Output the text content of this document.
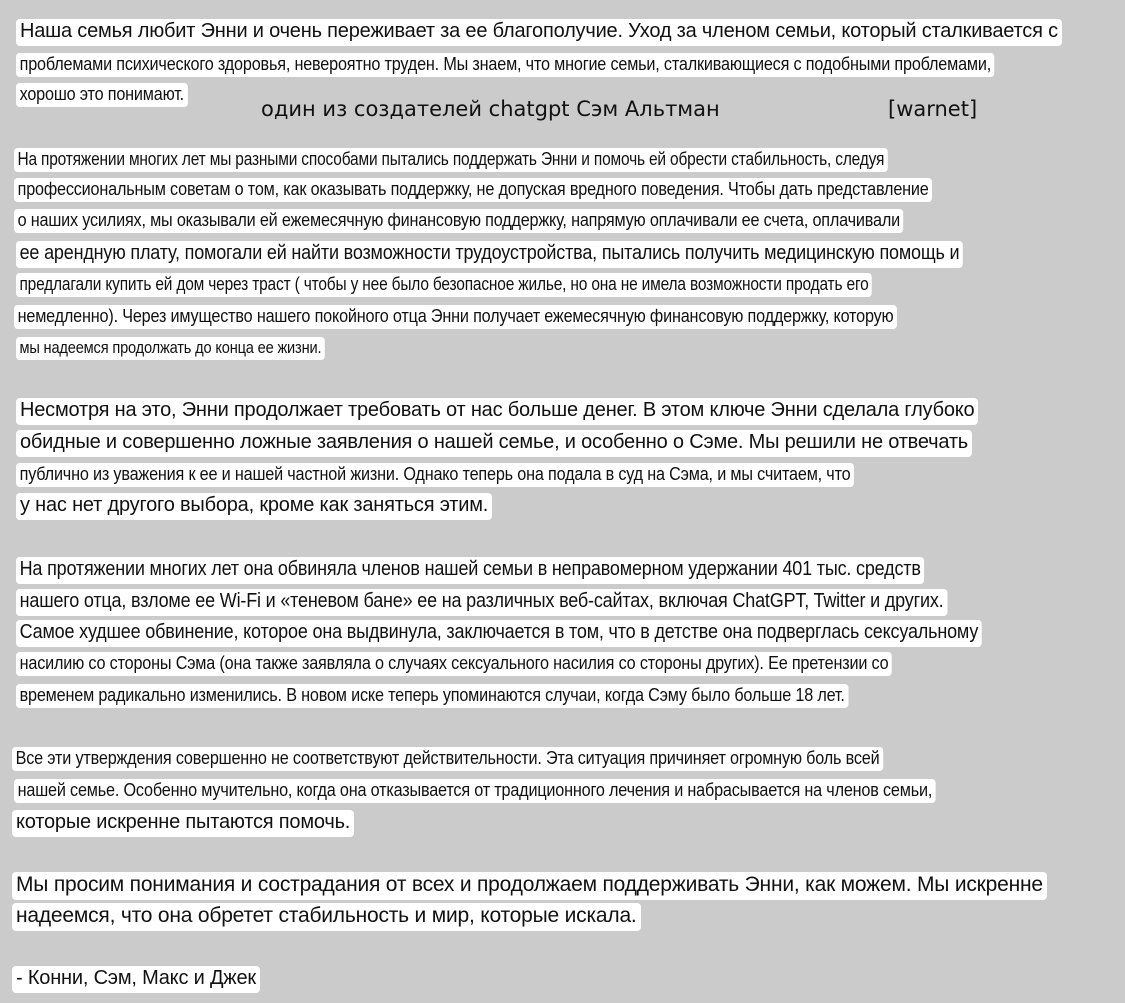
Наша семья любит Энни и очень переживает за ее благополучие. Уход за членом семьи, который сталкивается с
проблемами психического здоровья, невероятно труден. Мы знаем, что многие семьи, сталкивающиеся с подобными проблемами,
хорошо это понимают.
один из создателей chatgpt Сэм Альтман	[warnet]
На протяжении многих лет мы разными способами пытались поддержать Энни и помочь ей обрести стабильность, следуя
профессиональным советам о том, как оказывать поддержку, не допуская вредного поведения. Чтобы дать представление
о наших усилиях, мы оказывали ей ежемесячную финансовую поддержку, напрямую оплачивали ее счета, оплачивали
ее арендную плату, помогали ей найти возможности трудоустройства, пытались получить медицинскую помощь и
предлагали купить ей дом через траст ( чтобы у нее было безопасное жилье, но она не имела возможности продать его
немедленно). Через имущество нашего покойного отца Энни получает ежемесячную финансовую поддержку, которую
мы надеемся продолжать до конца ее жизни.
Несмотря на это, Энни продолжает требовать от нас больше денег. В этом ключе Энни сделала глубоко
обидные и совершенно ложные заявления о нашей семье, и особенно о Сэме. Мы решили не отвечать
публично из уважения к ее и нашей частной жизни. Однако теперь она подала в суд на Сэма, и мы считаем, что
у нас нет другого выбора, кроме как заняться этим.
На протяжении многих лет она обвиняла членов нашей семьи в неправомерном удержании 401 тыс. средств
нашего отца, взломе ее Wi-Fi и «теневом бане» ее на различных веб-сайтах, включая ChatGPT, Twitter и других.
Самое худшее обвинение, которое она выдвинула, заключается в том, что в детстве она подверглась сексуальному
насилию со стороны Сэма (она также заявляла о случаях сексуального насилия со стороны других). Ее претензии со
временем радикально изменились. В новом иске теперь упоминаются случаи, когда Сэму было больше 18 лет.
Все эти утверждения совершенно не соответствуют действительности. Эта ситуация причиняет огромную боль всей
нашей семье. Особенно мучительно, когда она отказывается от традиционного лечения и набрасывается на членов семьи,
которые искренне пытаются помочь.
Мы просим понимания и сострадания от всех и продолжаем поддерживать Энни, как можем. Мы искренне
надеемся, что она обретет стабильность и мир, которые искала.
- Конни, Сэм, Макс и Джек
